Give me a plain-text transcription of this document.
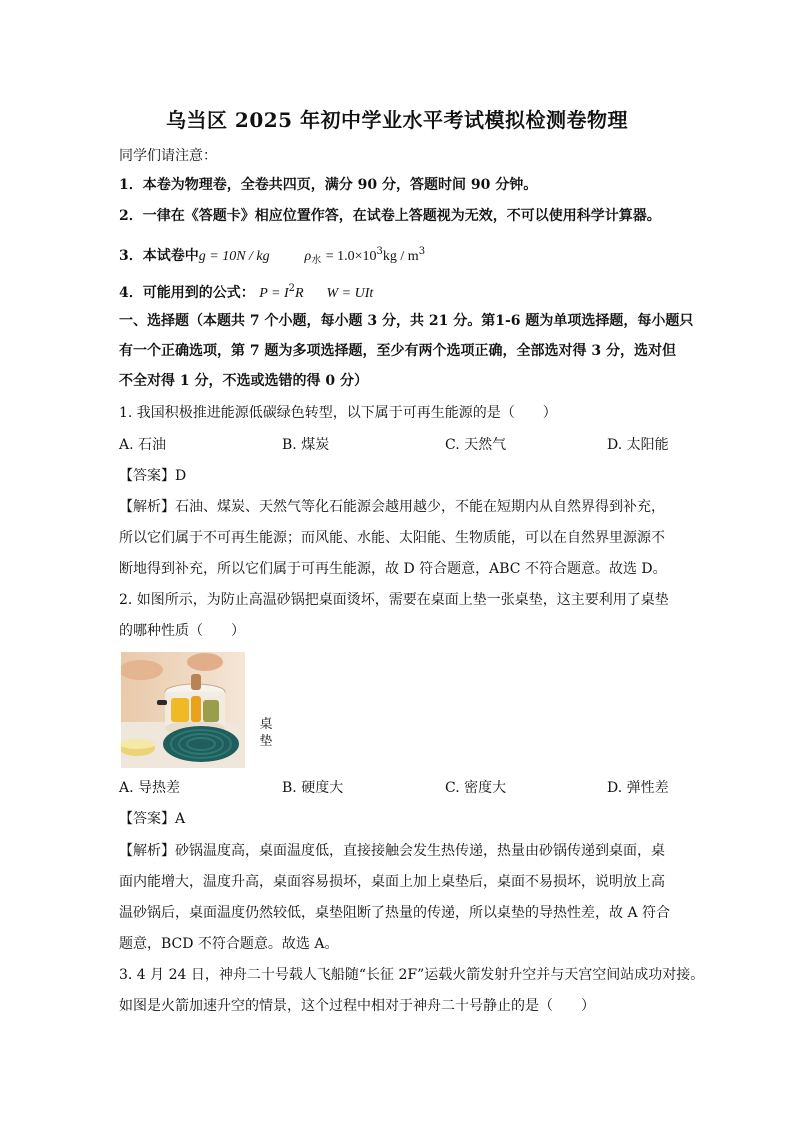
乌当区 2025 年初中学业水平考试模拟检测卷物理
同学们请注意：
1．本卷为物理卷，全卷共四页，满分 90 分，答题时间 90 分钟。
2．一律在《答题卡》相应位置作答，在试卷上答题视为无效，不可以使用科学计算器。
3．本试卷中g = 10N / kg $\rho_水 = 1.0\times 10^3kg / m^3$
4．可能用到的公式： $P = I^2R$ W = UIt
一、选择题（本题共 7 个小题，每小题 3 分，共 21 分。第1-6 题为单项选择题，每小题只
有一个正确选项，第 7 题为多项选择题，至少有两个选项正确，全部选对得 3 分，选对但
不全对得 1 分，不选或选错的得 0 分）
1. 我国积极推进能源低碳绿色转型，以下属于可再生能源的是（　　）
A. 石油	B. 煤炭	C. 天然气	D. 太阳能
【答案】D
【解析】石油、煤炭、天然气等化石能源会越用越少，不能在短期内从自然界得到补充，
所以它们属于不可再生能源；而风能、水能、太阳能、生物质能，可以在自然界里源源不
断地得到补充，所以它们属于可再生能源，故 D 符合题意，ABC 不符合题意。故选 D。
2. 如图所示，为防止高温砂锅把桌面烫坏，需要在桌面上垫一张桌垫，这主要利用了桌垫
的哪种性质（　　）
桌
垫
A. 导热差	B. 硬度大	C. 密度大	D. 弹性差
【答案】A
【解析】砂锅温度高，桌面温度低，直接接触会发生热传递，热量由砂锅传递到桌面，桌
面内能增大，温度升高，桌面容易损坏，桌面上加上桌垫后，桌面不易损坏，说明放上高
温砂锅后，桌面温度仍然较低，桌垫阻断了热量的传递，所以桌垫的导热性差，故 A 符合
题意，BCD 不符合题意。故选 A。
3. 4 月 24 日，神舟二十号载人飞船随“长征 2F”运载火箭发射升空并与天宫空间站成功对接。
如图是火箭加速升空的情景，这个过程中相对于神舟二十号静止的是（　　）
